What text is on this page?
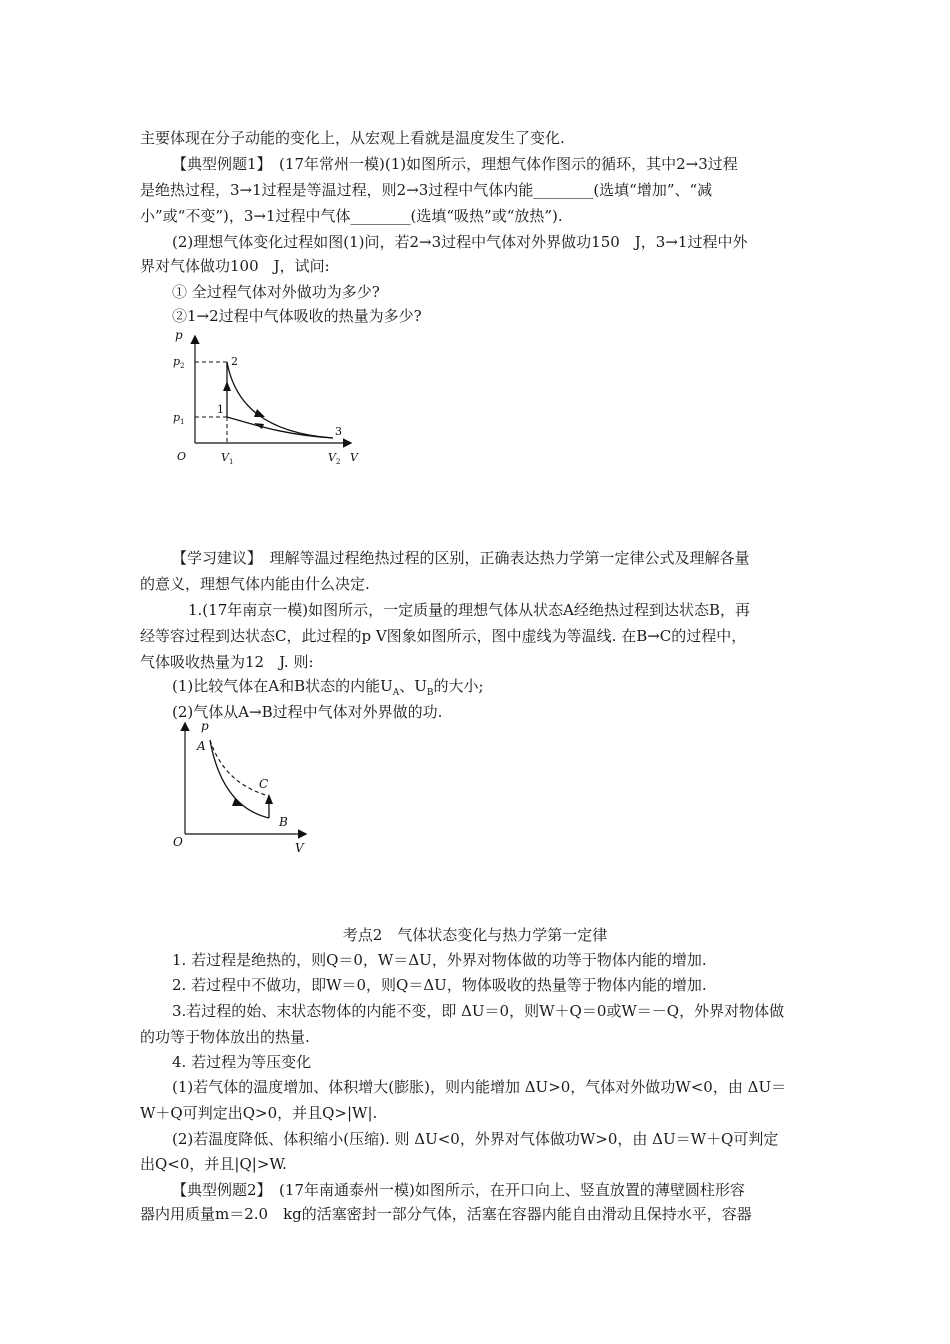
主要体现在分子动能的变化上，从宏观上看就是温度发生了变化.
【典型例题1】　(17年常州一模)(1)如图所示，理想气体作图示的循环，其中2→3过程
是绝热过程，3→1过程是等温过程，则2→3过程中气体内能________(选填“增加”、“减
小”或“不变”)，3→1过程中气体________(选填“吸热”或“放热”).
(2)理想气体变化过程如图(1)问，若2→3过程中气体对外界做功150　J，3→1过程中外
界对气体做功100　J，试问:
① 全过程气体对外做功为多少?
②1→2过程中气体吸收的热量为多少?
p
p 2
p 1
O	V 1	V 2 V
1
2
3
【学习建议】　理解等温过程绝热过程的区别，正确表达热力学第一定律公式及理解各量
的意义，理想气体内能由什么决定.
1.(17年南京一模)如图所示，一定质量的理想气体从状态A经绝热过程到达状态B，再
经等容过程到达状态C，此过程的p V图象如图所示，图中虚线为等温线. 在B→C的过程中，
气体吸收热量为12　J. 则:
(1)比较气体在A和B状态的内能$U_A$、$U_B$的大小;
(2)气体从A→B过程中气体对外界做的功.
p
A
C
B
O	V
考点2　气体状态变化与热力学第一定律
1. 若过程是绝热的，则Q＝0，W＝ΔU，外界对物体做的功等于物体内能的增加.
2. 若过程中不做功，即W＝0，则Q＝ΔU，物体吸收的热量等于物体内能的增加.
3.若过程的始、末状态物体的内能不变，即 ΔU＝0，则W＋Q＝0或W＝－Q，外界对物体做
的功等于物体放出的热量.
4. 若过程为等压变化
(1)若气体的温度增加、体积增大(膨胀)，则内能增加 ΔU>0，气体对外做功W<0，由 ΔU＝
W＋Q可判定出Q>0，并且Q>|W|.
(2)若温度降低、体积缩小(压缩). 则 ΔU<0，外界对气体做功W>0，由 ΔU＝W＋Q可判定
出Q<0，并且|Q|>W.
【典型例题2】　(17年南通泰州一模)如图所示，在开口向上、竖直放置的薄壁圆柱形容
器内用质量m＝2.0　kg的活塞密封一部分气体，活塞在容器内能自由滑动且保持水平，容器
